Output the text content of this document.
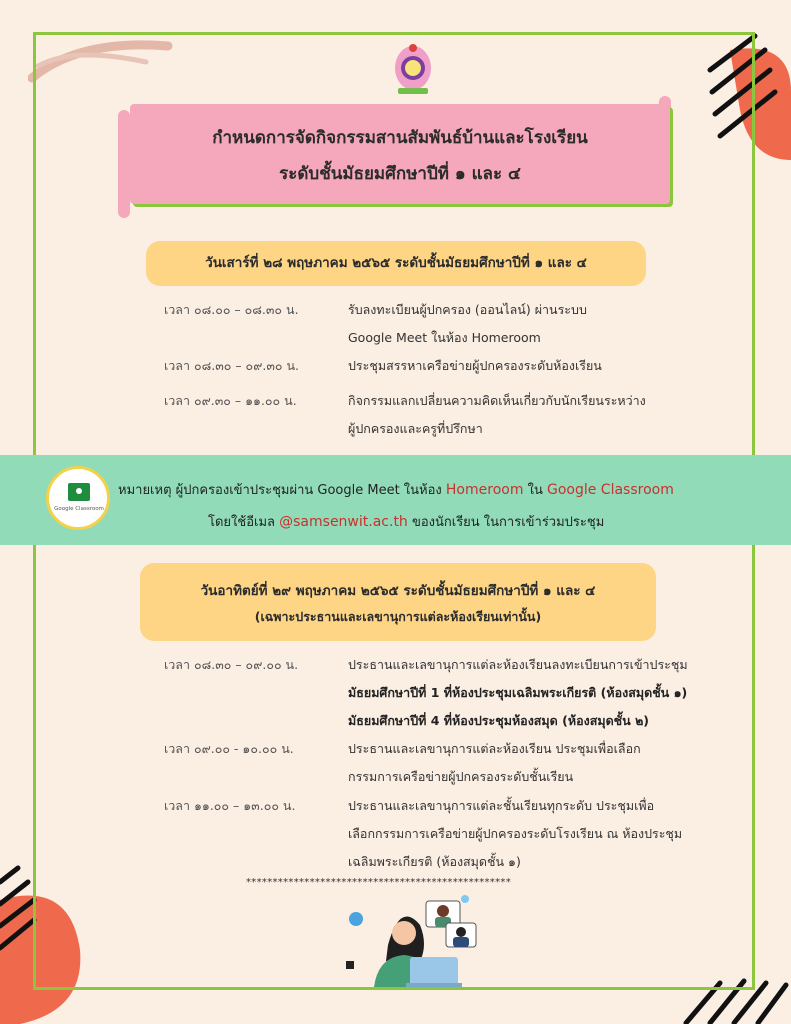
กำหนดการจัดกิจกรรมสานสัมพันธ์บ้านและโรงเรียน
ระดับชั้นมัธยมศึกษาปีที่ ๑ และ ๔
วันเสาร์ที่ ๒๘ พฤษภาคม ๒๕๖๕ ระดับชั้นมัธยมศึกษาปีที่ ๑ และ ๔
เวลา ๐๘.๐๐ – ๐๘.๓๐ น.	รับลงทะเบียนผู้ปกครอง (ออนไลน์) ผ่านระบบ
Google Meet ในห้อง Homeroom
เวลา ๐๘.๓๐ – ๐๙.๓๐ น.	ประชุมสรรหาเครือข่ายผู้ปกครองระดับห้องเรียน
เวลา ๐๙.๓๐ – ๑๑.๐๐ น.	กิจกรรมแลกเปลี่ยนความคิดเห็นเกี่ยวกับนักเรียนระหว่าง
ผู้ปกครองและครูที่ปรึกษา
Google Classroom
หมายเหตุ ผู้ปกครองเข้าประชุมผ่าน Google Meet ในห้อง Homeroom ใน Google Classroom
โดยใช้อีเมล @samsenwit.ac.th ของนักเรียน ในการเข้าร่วมประชุม
วันอาทิตย์ที่ ๒๙ พฤษภาคม ๒๕๖๕ ระดับชั้นมัธยมศึกษาปีที่ ๑ และ ๔
(เฉพาะประธานและเลขานุการแต่ละห้องเรียนเท่านั้น)
เวลา ๐๘.๓๐ – ๐๙.๐๐ น.	ประธานและเลขานุการแต่ละห้องเรียนลงทะเบียนการเข้าประชุม
มัธยมศึกษาปีที่ 1 ที่ห้องประชุมเฉลิมพระเกียรติ (ห้องสมุดชั้น ๑)
มัธยมศึกษาปีที่ 4 ที่ห้องประชุมห้องสมุด (ห้องสมุดชั้น ๒)
เวลา ๐๙.๐๐ - ๑๐.๐๐ น.	ประธานและเลขานุการแต่ละห้องเรียน ประชุมเพื่อเลือก
กรรมการเครือข่ายผู้ปกครองระดับชั้นเรียน
เวลา ๑๑.๐๐ – ๑๓.๐๐ น.	ประธานและเลขานุการแต่ละชั้นเรียนทุกระดับ ประชุมเพื่อ
เลือกกรรมการเครือข่ายผู้ปกครองระดับโรงเรียน ณ ห้องประชุม
เฉลิมพระเกียรติ (ห้องสมุดชั้น ๑)
**************************************************
